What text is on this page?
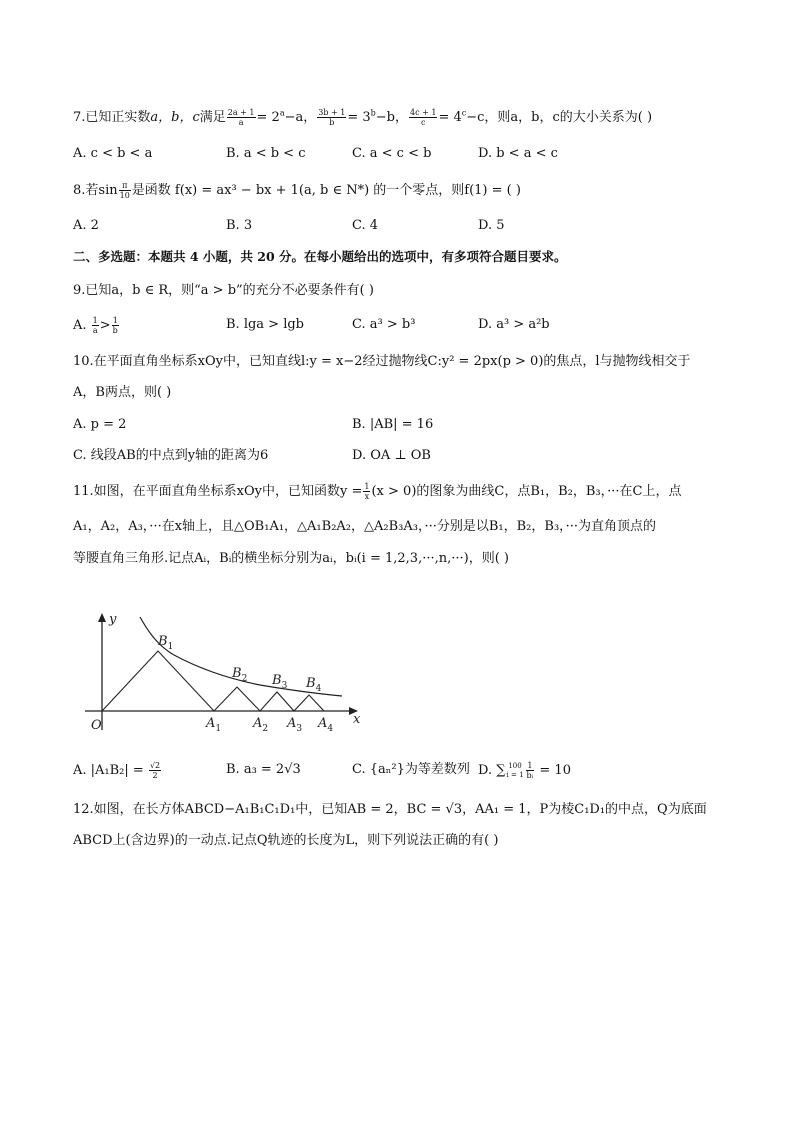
7.已知正实数a，b，c满足 $\frac{2a + 1}{a} = 2^a-a$， $\frac{3b + 1}{b} = 3^b-b$， $\frac{4c + 1}{c} = 4^c-c$，则a，b，c的大小关系为( )
A. c < b < a	B. a < b < c	C. a < c < b	D. b < a < c
8.若$\sin \frac{\pi}{10}$ 是函数 f(x) = ax³ − bx + 1(a, b ∈ N*) 的一个零点，则f(1) = ( )
A. 2	B. 3	C. 4	D. 5
二、多选题：本题共 4 小题，共 20 分。在每小题给出的选项中，有多项符合题目要求。
9.已知a，b ∈ R，则“a > b”的充分不必要条件有( )
A. $\frac{1}{a} > \frac{1}{b}$	B. lga > lgb	C. a³ > b³	D. a³ > a²b
10.在平面直角坐标系xOy中，已知直线l:y = x−2经过抛物线C:y² = 2px(p > 0)的焦点，l与抛物线相交于
A，B两点，则( )
A. p = 2	B. |AB| = 16
C. 线段AB的中点到y轴的距离为6	D. OA ⊥ OB
11.如图，在平面直角坐标系xOy中，已知函数$y = \frac{1}{x} (x > 0)$的图象为曲线C，点B₁，B₂，B₃，···在C上，点
A₁，A₂，A₃，···在x轴上，且△OB₁A₁，△A₁B₂A₂，△A₂B₃A₃，···分别是以B₁，B₂，B₃，···为直角顶点的
等腰直角三角形.记点Aᵢ，Bᵢ的横坐标分别为aᵢ，bᵢ(i = 1,2,3,···,n,···)，则( )
y
x
O
$B_1$
$B_2$ $B_3$ $B_4$
$A_1$ $A_2$ $A_3$ $A_4$
A. $|A_1B_2| = \frac{√2}{2}$	B. a₃ = 2√3	C. {aₙ²}为等差数列 D. ∑ 100
$i = 1 \frac{1}{\text{bᵢ}} = 10$
12.如图，在长方体ABCD−A₁B₁C₁D₁中，已知AB = 2，BC = √3，AA₁ = 1，P为棱C₁D₁的中点，Q为底面
ABCD上(含边界)的一动点.记点Q轨迹的长度为L，则下列说法正确的有( )
